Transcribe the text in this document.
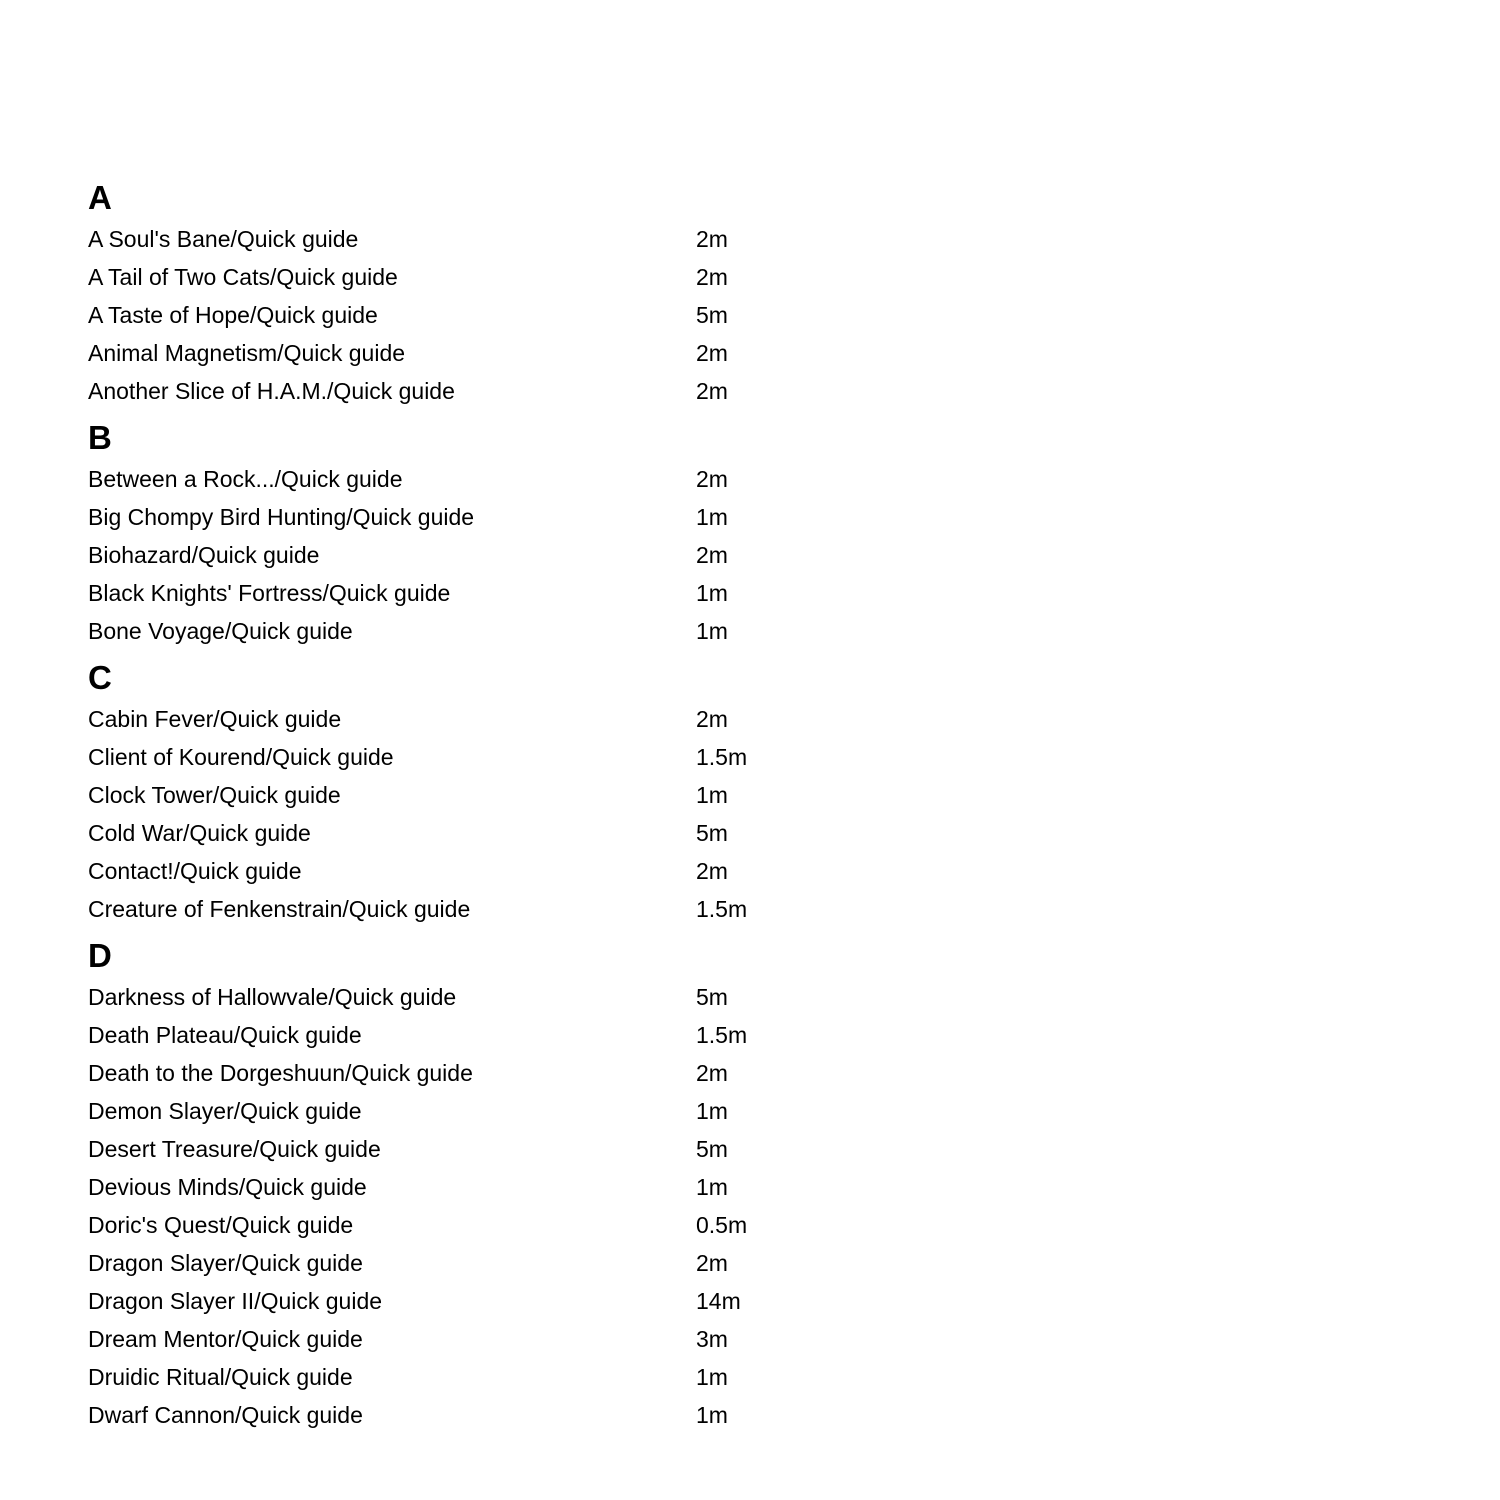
A
A Soul's Bane/Quick guide	2m
A Tail of Two Cats/Quick guide	2m
A Taste of Hope/Quick guide	5m
Animal Magnetism/Quick guide	2m
Another Slice of H.A.M./Quick guide	2m
B
Between a Rock.../Quick guide	2m
Big Chompy Bird Hunting/Quick guide	1m
Biohazard/Quick guide	2m
Black Knights' Fortress/Quick guide	1m
Bone Voyage/Quick guide	1m
C
Cabin Fever/Quick guide	2m
Client of Kourend/Quick guide	1.5m
Clock Tower/Quick guide	1m
Cold War/Quick guide	5m
Contact!/Quick guide	2m
Creature of Fenkenstrain/Quick guide	1.5m
D
Darkness of Hallowvale/Quick guide	5m
Death Plateau/Quick guide	1.5m
Death to the Dorgeshuun/Quick guide	2m
Demon Slayer/Quick guide	1m
Desert Treasure/Quick guide	5m
Devious Minds/Quick guide	1m
Doric's Quest/Quick guide	0.5m
Dragon Slayer/Quick guide	2m
Dragon Slayer II/Quick guide	14m
Dream Mentor/Quick guide	3m
Druidic Ritual/Quick guide	1m
Dwarf Cannon/Quick guide	1m
